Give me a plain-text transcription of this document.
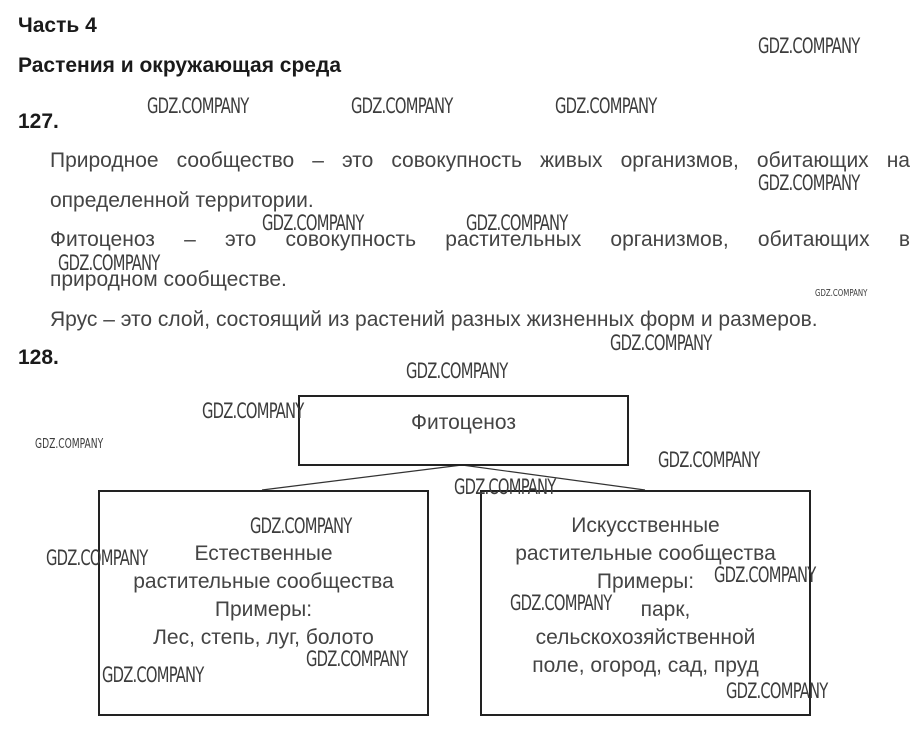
Часть 4
Растения и окружающая среда
127.
Природное сообщество – это совокупность живых организмов, обитающих на
определенной территории.
Фитоценоз – это совокупность растительных организмов, обитающих в
природном сообществе.
Ярус – это слой, состоящий из растений разных жизненных форм и размеров.
128.
Фитоценоз
Естественные
растительные сообщества
Примеры:
Лес, степь, луг, болото
Искусственные
растительные сообщества
Примеры:
парк,
сельскохозяйственной
поле, огород, сад, пруд
GDZ.COMPANY
GDZ.COMPANY	GDZ.COMPANY	GDZ.COMPANY
GDZ.COMPANY
GDZ.COMPANY	GDZ.COMPANY
GDZ.COMPANY
GDZ.COMPANY
GDZ.COMPANY
GDZ.COMPANY
GDZ.COMPANY
GDZ.COMPANY
GDZ.COMPANY
GDZ.COMPANY
GDZ.COMPANY
GDZ.COMPANY
GDZ.COMPANY
GDZ.COMPANY
GDZ.COMPANY
GDZ.COMPANY
GDZ.COMPANY
